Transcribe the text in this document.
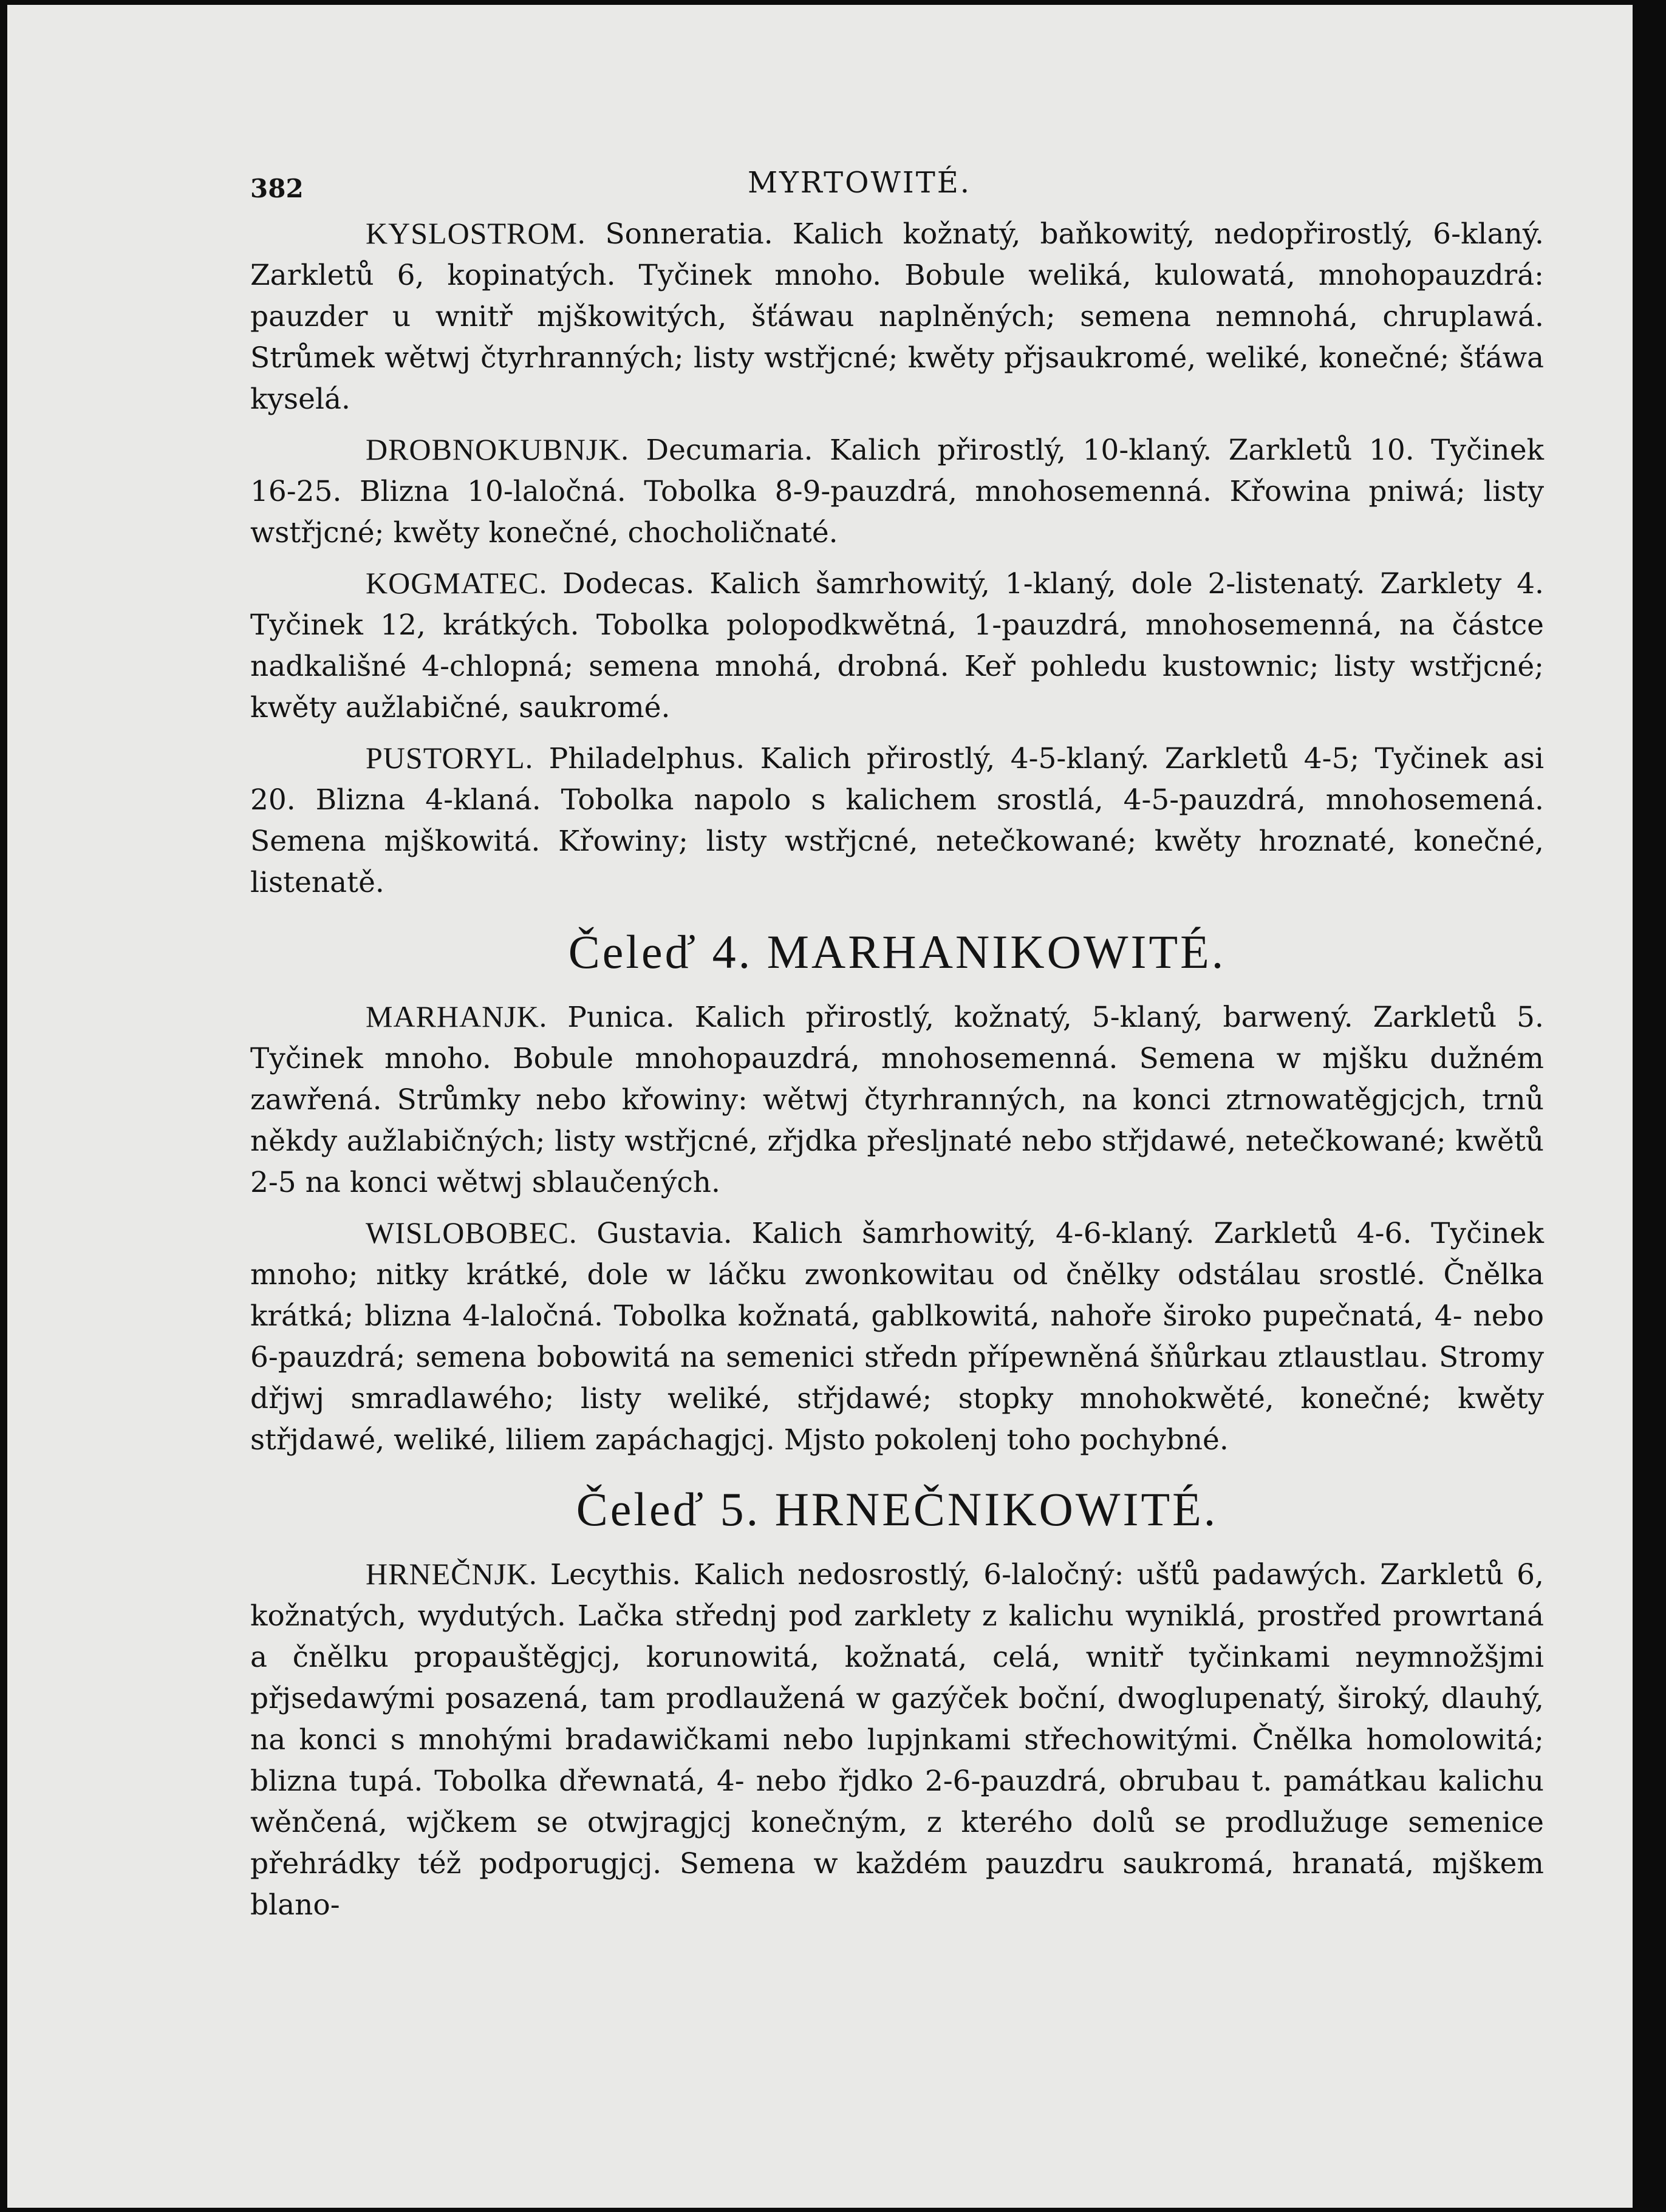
382	MYRTOWITÉ.

KYSLOSTROM. Sonneratia. Kalich kožnatý, baňkowitý, nedopřirostlý, 6-klaný. Zarkletů 6, kopinatých. Tyčinek mnoho. Bobule weliká, kulowatá, mnohopauzdrá: pauzder u wnitř mjškowitých, šťáwau naplněných; semena nemnohá, chruplawá. Strůmek wětwj čtyrhranných; listy wstřjcné; kwěty přjsaukromé, weliké, konečné; šťáwa kyselá.

DROBNOKUBNJK. Decumaria. Kalich přirostlý, 10-klaný. Zarkletů 10. Tyčinek 16-25. Blizna 10-laločná. Tobolka 8-9-pauzdrá, mnohosemenná. Křowina pniwá; listy wstřjcné; kwěty konečné, chocholičnaté.

KOGMATEC. Dodecas. Kalich šamrhowitý, 1-klaný, dole 2-listenatý. Zarklety 4. Tyčinek 12, krátkých. Tobolka polopodkwětná, 1-pauzdrá, mnohosemenná, na částce nadkališné 4-chlopná; semena mnohá, drobná. Keř pohledu kustownic; listy wstřjcné; kwěty aužlabičné, saukromé.

PUSTORYL. Philadelphus. Kalich přirostlý, 4-5-klaný. Zarkletů 4-5; Tyčinek asi 20. Blizna 4-klaná. Tobolka napolo s kalichem srostlá, 4-5-pauzdrá, mnohosemená. Semena mjškowitá. Křowiny; listy wstřjcné, netečkowané; kwěty hroznaté, konečné, listenatě.

Čeleď 4. MARHANIKOWITÉ.

MARHANJK. Punica. Kalich přirostlý, kožnatý, 5-klaný, barwený. Zarkletů 5. Tyčinek mnoho. Bobule mnohopauzdrá, mnohosemenná. Semena w mjšku dužném zawřená. Strůmky nebo křowiny: wětwj čtyrhranných, na konci ztrnowatěgjcjch, trnů někdy aužlabičných; listy wstřjcné, zřjdka přesljnaté nebo střjdawé, netečkowané; kwětů 2-5 na konci wětwj sblaučených.

WISLOBOBEC. Gustavia. Kalich šamrhowitý, 4-6-klaný. Zarkletů 4-6. Tyčinek mnoho; nitky krátké, dole w láčku zwonkowitau od čnělky odstálau srostlé. Čnělka krátká; blizna 4-laločná. Tobolka kožnatá, gablkowitá, nahoře široko pupečnatá, 4- nebo 6-pauzdrá; semena bobowitá na semenici středn přípewněná šňůrkau ztlaustlau. Stromy dřjwj smradlawého; listy weliké, střjdawé; stopky mnohokwěté, konečné; kwěty střjdawé, weliké, liliem zapáchagjcj. Mjsto pokolenj toho pochybné.

Čeleď 5. HRNEČNIKOWITÉ.

HRNEČNJK. Lecythis. Kalich nedosrostlý, 6-laločný: ušťů padawých. Zarkletů 6, kožnatých, wydutých. Lačka střednj pod zarklety z kalichu wyniklá, prostřed prowrtaná a čnělku propauštěgjcj, korunowitá, kožnatá, celá, wnitř tyčinkami neymnožšjmi přjsedawými posazená, tam prodlaužená w gazýček boční, dwoglupenatý, široký, dlauhý, na konci s mnohými bradawičkami nebo lupjnkami střechowitými. Čnělka homolowitá; blizna tupá. Tobolka dřewnatá, 4- nebo řjdko 2-6-pauzdrá, obrubau t. památkau kalichu wěnčená, wjčkem se otwjragjcj konečným, z kterého dolů se prodlužuge semenice přehrádky též podporugjcj. Semena w každém pauzdru saukromá, hranatá, mjškem blano-
